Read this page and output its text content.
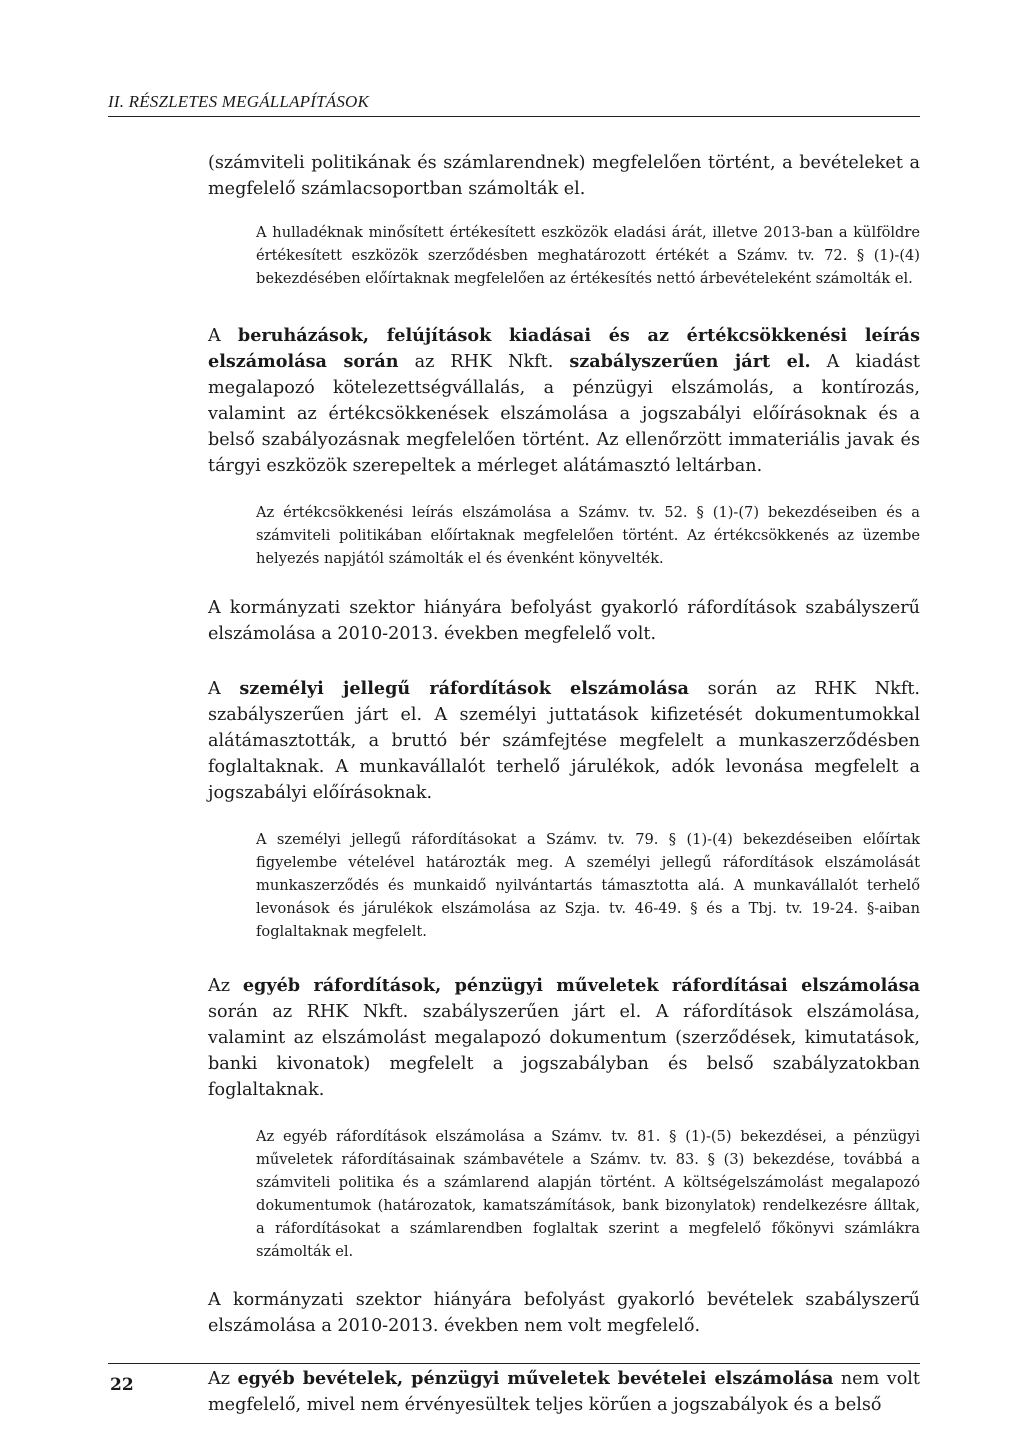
II. RÉSZLETES MEGÁLLAPÍTÁSOK

(számviteli politikának és számlarendnek) megfelelően történt, a bevételeket a megfelelő számlacsoportban számolták el.

A hulladéknak minősített értékesített eszközök eladási árát, illetve 2013-ban a külföldre értékesített eszközök szerződésben meghatározott értékét a Számv. tv. 72. § (1)-(4) bekezdésében előírtaknak megfelelően az értékesítés nettó árbevételeként számolták el.

A beruházások, felújítások kiadásai és az értékcsökkenési leírás elszámolása során az RHK Nkft. szabályszerűen járt el. A kiadást megalapozó kötelezettségvállalás, a pénzügyi elszámolás, a kontírozás, valamint az értékcsökkenések elszámolása a jogszabályi előírásoknak és a belső szabályozásnak megfelelően történt. Az ellenőrzött immateriális javak és tárgyi eszközök szerepeltek a mérleget alátámasztó leltárban.

Az értékcsökkenési leírás elszámolása a Számv. tv. 52. § (1)-(7) bekezdéseiben és a számviteli politikában előírtaknak megfelelően történt. Az értékcsökkenés az üzembe helyezés napjától számolták el és évenként könyvelték.

A kormányzati szektor hiányára befolyást gyakorló ráfordítások szabályszerű elszámolása a 2010-2013. években megfelelő volt.

A személyi jellegű ráfordítások elszámolása során az RHK Nkft. szabályszerűen járt el. A személyi juttatások kifizetését dokumentumokkal alátámasztották, a bruttó bér számfejtése megfelelt a munkaszerződésben foglaltaknak. A munkavállalót terhelő járulékok, adók levonása megfelelt a jogszabályi előírásoknak.

A személyi jellegű ráfordításokat a Számv. tv. 79. § (1)-(4) bekezdéseiben előírtak figyelembe vételével határozták meg. A személyi jellegű ráfordítások elszámolását munkaszerződés és munkaidő nyilvántartás támasztotta alá. A munkavállalót terhelő levonások és járulékok elszámolása az Szja. tv. 46-49. § és a Tbj. tv. 19-24. §-aiban foglaltaknak megfelelt.

Az egyéb ráfordítások, pénzügyi műveletek ráfordításai elszámolása során az RHK Nkft. szabályszerűen járt el. A ráfordítások elszámolása, valamint az elszámolást megalapozó dokumentum (szerződések, kimutatások, banki kivonatok) megfelelt a jogszabályban és belső szabályzatokban foglaltaknak.

Az egyéb ráfordítások elszámolása a Számv. tv. 81. § (1)-(5) bekezdései, a pénzügyi műveletek ráfordításainak számbavétele a Számv. tv. 83. § (3) bekezdése, továbbá a számviteli politika és a számlarend alapján történt. A költségelszámolást megalapozó dokumentumok (határozatok, kamatszámítások, bank bizonylatok) rendelkezésre álltak, a ráfordításokat a számlarendben foglaltak szerint a megfelelő főkönyvi számlákra számolták el.

A kormányzati szektor hiányára befolyást gyakorló bevételek szabályszerű elszámolása a 2010-2013. években nem volt megfelelő.

Az egyéb bevételek, pénzügyi műveletek bevételei elszámolása nem volt megfelelő, mivel nem érvényesültek teljes körűen a jogszabályok és a belső

22
